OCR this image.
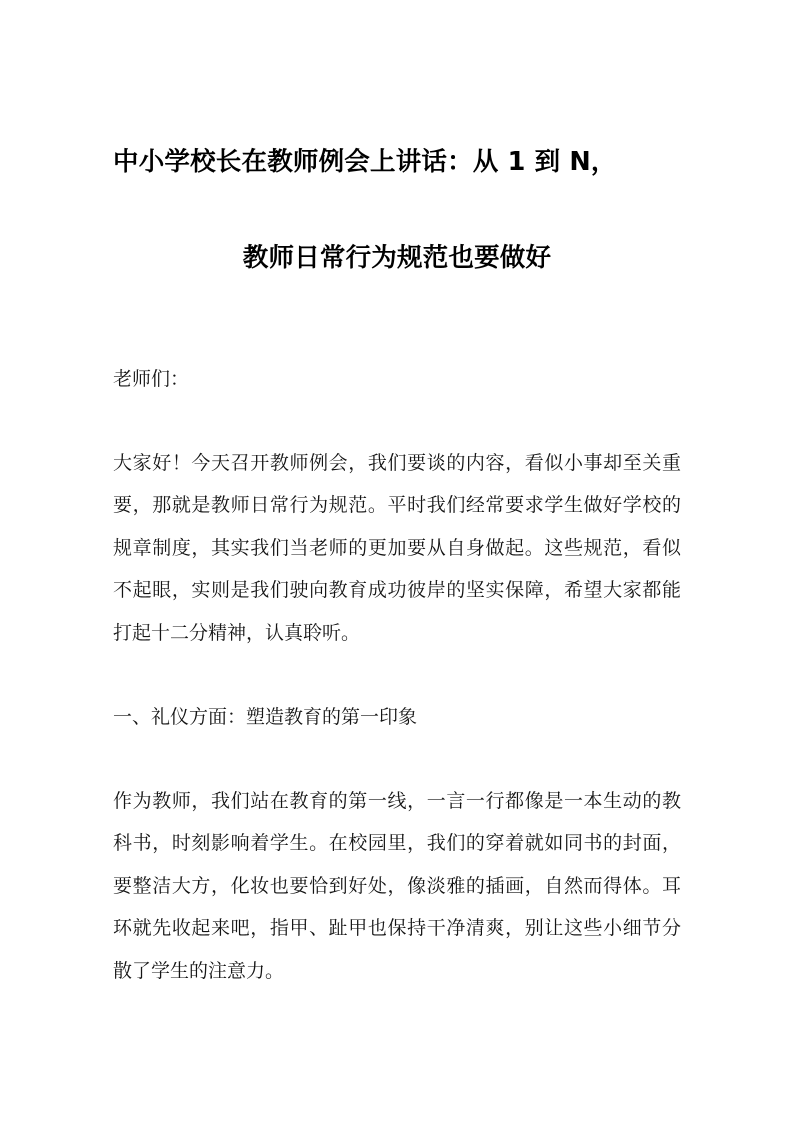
中小学校长在教师例会上讲话：从 1 到 N，
教师日常行为规范也要做好

老师们：

大家好！今天召开教师例会，我们要谈的内容，看似小事却至关重要，那就是教师日常行为规范。平时我们经常要求学生做好学校的规章制度，其实我们当老师的更加要从自身做起。这些规范，看似不起眼，实则是我们驶向教育成功彼岸的坚实保障，希望大家都能打起十二分精神，认真聆听。

一、礼仪方面：塑造教育的第一印象

作为教师，我们站在教育的第一线，一言一行都像是一本生动的教科书，时刻影响着学生。在校园里，我们的穿着就如同书的封面，要整洁大方，化妆也要恰到好处，像淡雅的插画，自然而得体。耳环就先收起来吧，指甲、趾甲也保持干净清爽，别让这些小细节分散了学生的注意力。
